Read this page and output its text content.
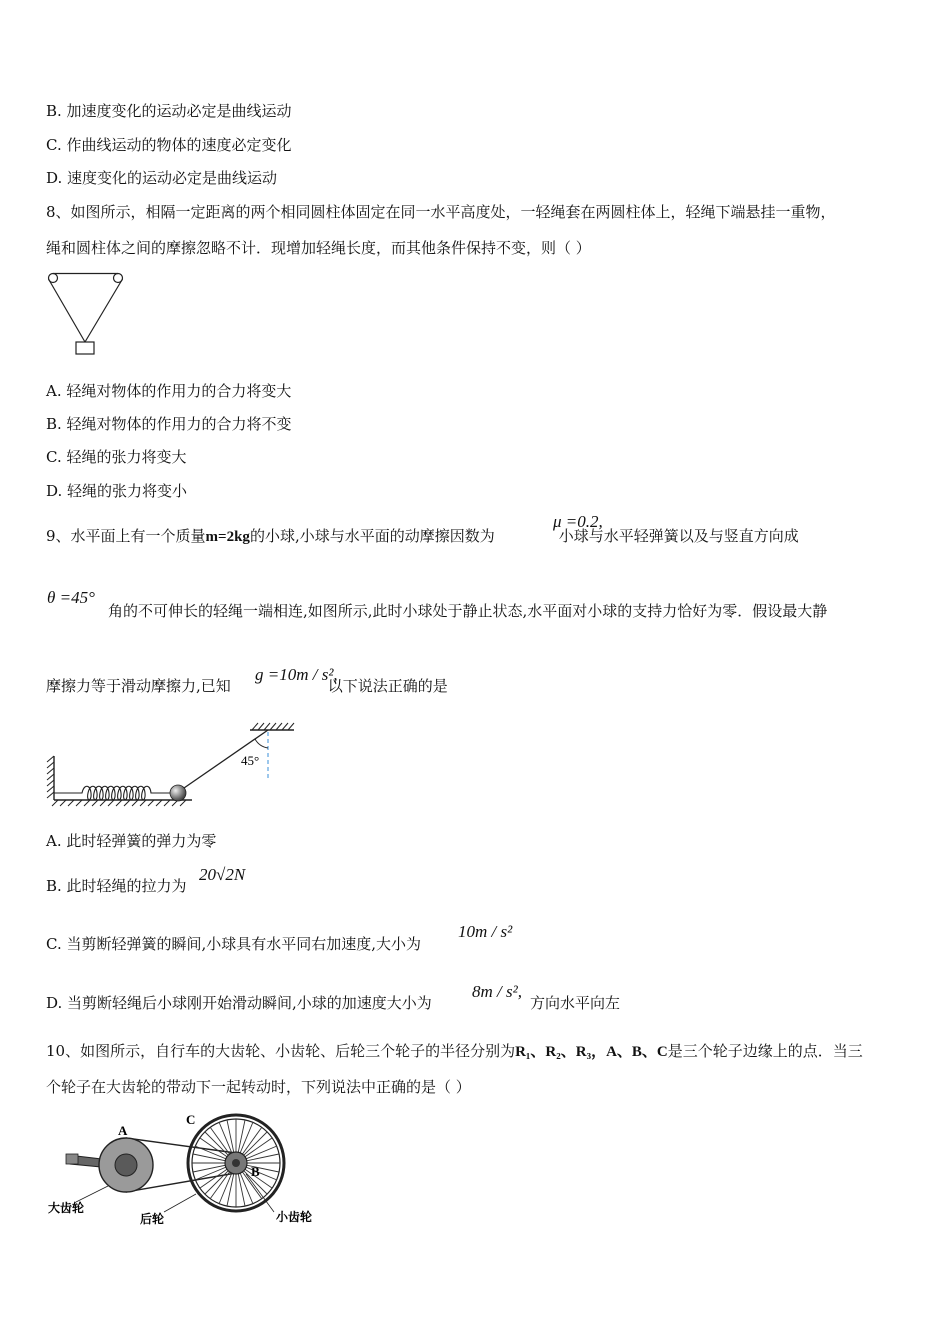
B. 加速度变化的运动必定是曲线运动
C. 作曲线运动的物体的速度必定变化
D. 速度变化的运动必定是曲线运动
8、如图所示，相隔一定距离的两个相同圆柱体固定在同一水平高度处，一轻绳套在两圆柱体上，轻绳下端悬挂一重物，
绳和圆柱体之间的摩擦忽略不计．现增加轻绳长度，而其他条件保持不变，则（ ）
A. 轻绳对物体的作用力的合力将变大
B. 轻绳对物体的作用力的合力将不变
C. 轻绳的张力将变大
D. 轻绳的张力将变小
9、水平面上有一个质量m=2kg的小球,小球与水平面的动摩擦因数为	小球与水平轻弹簧以及与竖直方向成
μ =0.2,
θ =45°
角的不可伸长的轻绳一端相连,如图所示,此时小球处于静止状态,水平面对小球的支持力恰好为零．假设最大静
g =10m / s²,
摩擦力等于滑动摩擦力,已知	以下说法正确的是
45°
A. 此时轻弹簧的弹力为零
B. 此时轻绳的拉力为
20√2N
C. 当剪断轻弹簧的瞬间,小球具有水平同右加速度,大小为
10m / s²
D. 当剪断轻绳后小球刚开始滑动瞬间,小球的加速度大小为
8m / s²,
方向水平向左
10、如图所示，自行车的大齿轮、小齿轮、后轮三个轮子的半径分别为R₁、R₂、R₃，A、B、C是三个轮子边缘上的点．当三
个轮子在大齿轮的带动下一起转动时，下列说法中正确的是（ ）
A
C
B
大齿轮
后轮	小齿轮
